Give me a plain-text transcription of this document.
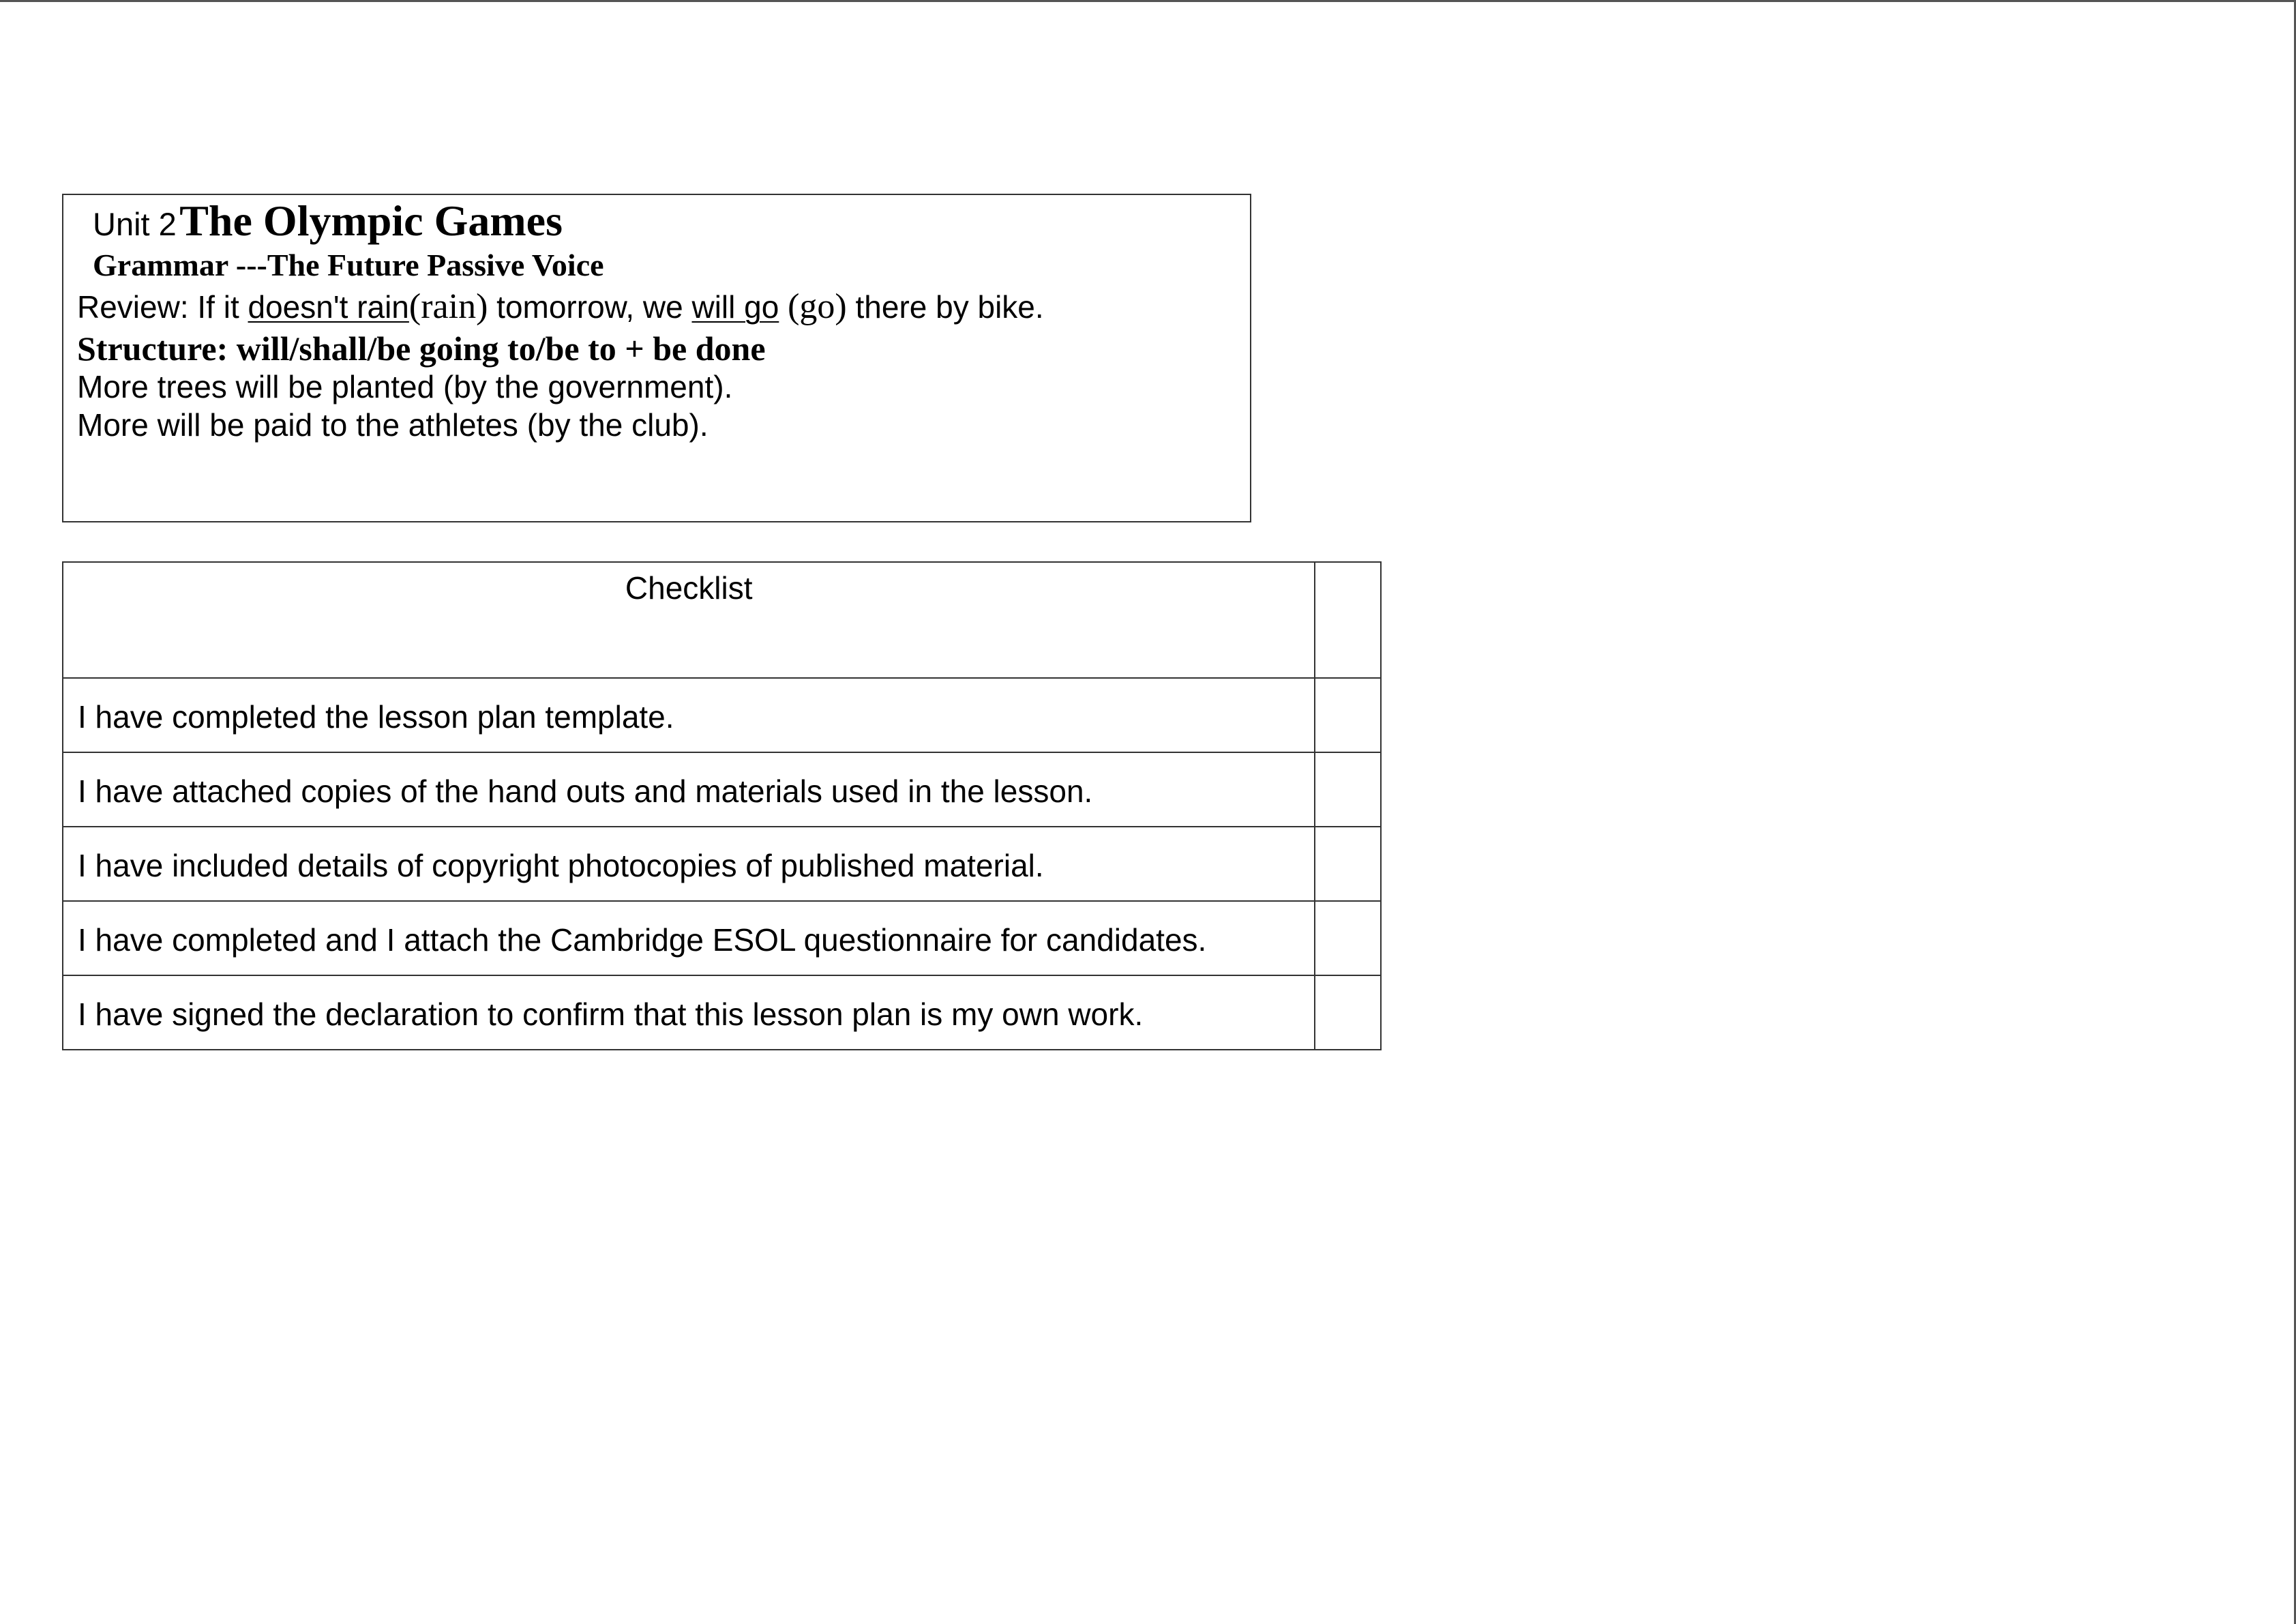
Unit 2 The Olympic Games
Grammar ---The Future Passive Voice
Review: If it doesn't rain(rain) tomorrow, we will go (go) there by bike.
Structure: will/shall/be going to/be to + be done
More trees will be planted (by the government).
More will be paid to the athletes (by the club).
Checklist	
I have completed the lesson plan template.	
I have attached copies of the hand outs and materials used in the lesson.	
I have included details of copyright photocopies of published material.	
I have completed and I attach the Cambridge ESOL questionnaire for candidates.	
I have signed the declaration to confirm that this lesson plan is my own work.	
